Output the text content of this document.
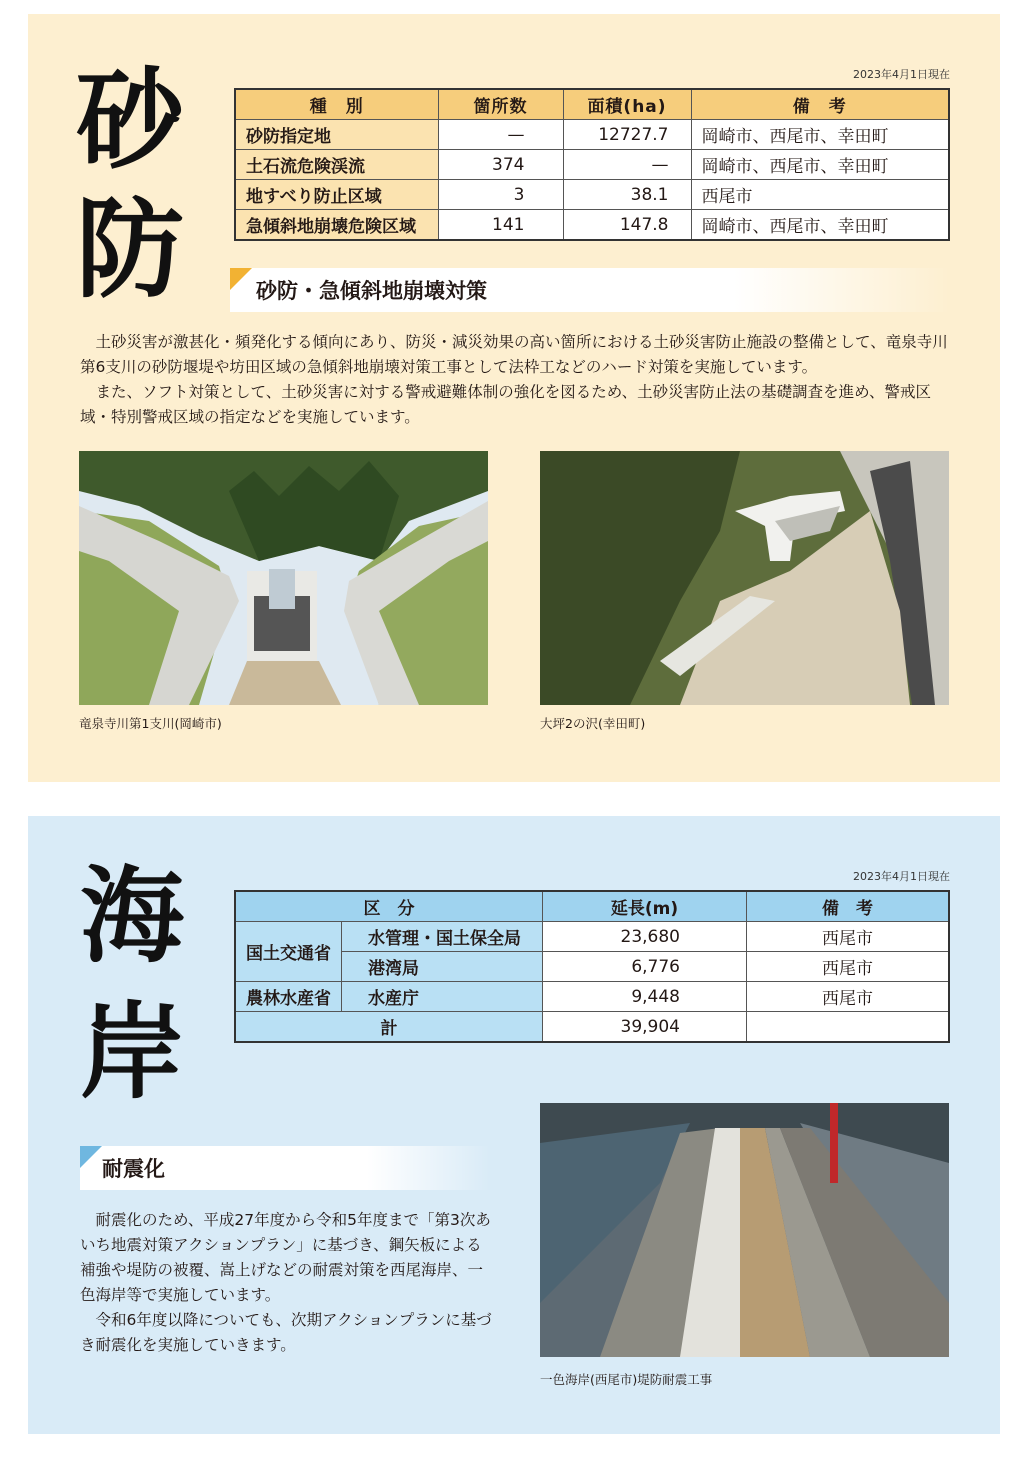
砂
防
2023年4月1日現在
種　別	箇所数	面積(ha)	備　考
砂防指定地	—	12727.7	岡崎市、西尾市、幸田町
土石流危険渓流	374	—	岡崎市、西尾市、幸田町
地すべり防止区域	3	38.1	西尾市
急傾斜地崩壊危険区域	141	147.8	岡崎市、西尾市、幸田町
砂防・急傾斜地崩壊対策

土砂災害が激甚化・頻発化する傾向にあり、防災・減災効果の高い箇所における土砂災害防止施設の整備として、竜泉寺川第6支川の砂防堰堤や坊田区域の急傾斜地崩壊対策工事として法枠工などのハード対策を実施しています。

また、ソフト対策として、土砂災害に対する警戒避難体制の強化を図るため、土砂災害防止法の基礎調査を進め、警戒区域・特別警戒区域の指定などを実施しています。

竜泉寺川第1支川(岡崎市)	大坪2の沢(幸田町)
海
岸
2023年4月1日現在
区　分		延長(m)	備　考
国土交通省	水管理・国土保全局	23,680	西尾市
	港湾局	6,776	西尾市
農林水産省	水産庁	9,448	西尾市
計		39,904	
耐震化

耐震化のため、平成27年度から令和5年度まで「第3次あいち地震対策アクションプラン」に基づき、鋼矢板による補強や堤防の被覆、嵩上げなどの耐震対策を西尾海岸、一色海岸等で実施しています。

令和6年度以降についても、次期アクションプランに基づき耐震化を実施していきます。

一色海岸(西尾市)堤防耐震工事
